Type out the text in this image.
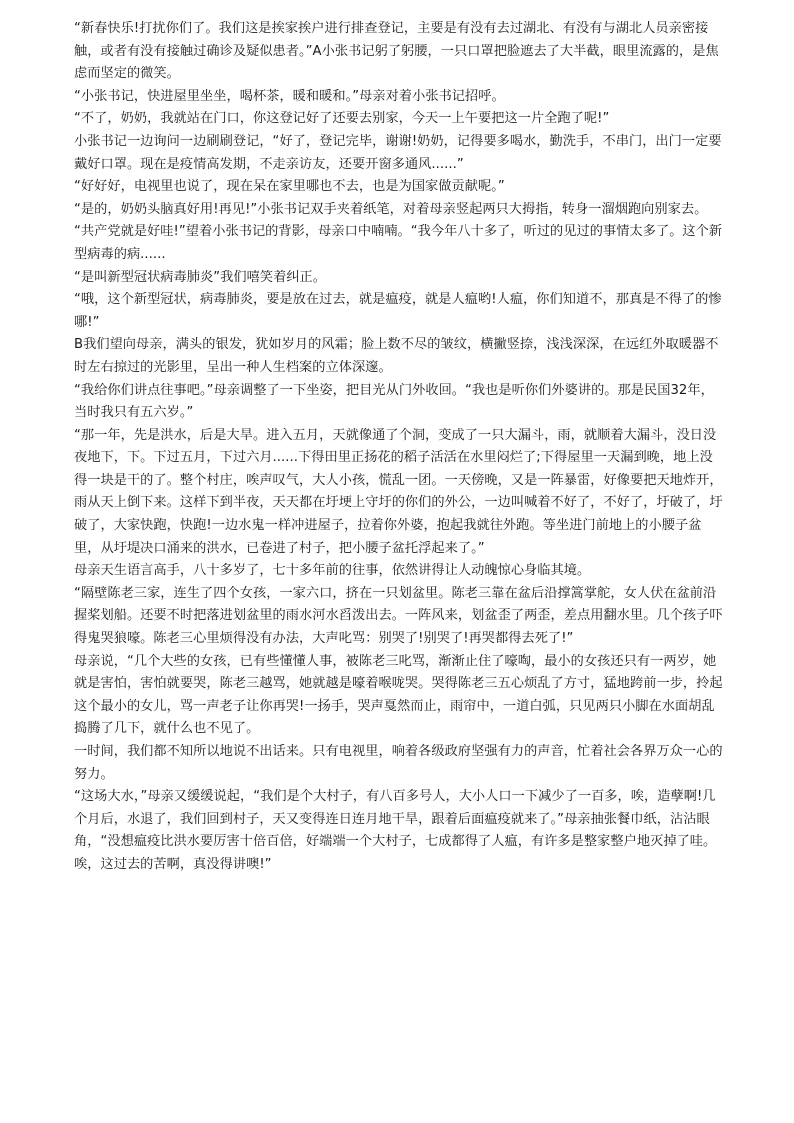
“新春快乐!打扰你们了。我们这是挨家挨户进行排查登记，主要是有没有去过湖北、有没有与湖北人员亲密接触，或者有没有接触过确诊及疑似患者。”A小张书记躬了躬腰，一只口罩把脸遮去了大半截，眼里流露的，是焦虑而坚定的微笑。

“小张书记，快进屋里坐坐，喝杯茶，暖和暖和。”母亲对着小张书记招呼。

“不了，奶奶，我就站在门口，你这登记好了还要去别家，今天一上午要把这一片全跑了呢!”

小张书记一边询问一边刷刷登记，“好了，登记完毕，谢谢!奶奶，记得要多喝水，勤洗手，不串门，出门一定要戴好口罩。现在是疫情高发期，不走亲访友，还要开窗多通风......”

“好好好，电视里也说了，现在呆在家里哪也不去，也是为国家做贡献呢。”

“是的，奶奶头脑真好用!再见!”小张书记双手夹着纸笔，对着母亲竖起两只大拇指，转身一溜烟跑向别家去。

“共产党就是好哇!”望着小张书记的背影，母亲口中喃喃。“我今年八十多了，听过的见过的事情太多了。这个新型病毒的病......

“是叫新型冠状病毒肺炎”我们嘻笑着纠正。

“哦，这个新型冠状，病毒肺炎，要是放在过去，就是瘟疫，就是人瘟哟!人瘟，你们知道不，那真是不得了的惨哪!”

B我们望向母亲，满头的银发，犹如岁月的风霜；脸上数不尽的皱纹，横撇竖捺，浅浅深深，在远红外取暖器不时左右掠过的光影里，呈出一种人生档案的立体深邃。

“我给你们讲点往事吧。”母亲调整了一下坐姿，把目光从门外收回。“我也是听你们外婆讲的。那是民国32年，当时我只有五六岁。”

“那一年，先是洪水，后是大旱。进入五月，天就像通了个洞，变成了一只大漏斗，雨，就顺着大漏斗，没日没夜地下，下。下过五月，下过六月......下得田里正扬花的稻子活活在水里闷烂了;下得屋里一天漏到晚，地上没得一块是干的了。整个村庄，唉声叹气，大人小孩，慌乱一团。一天傍晚，又是一阵暴雷，好像要把天地炸开，雨从天上倒下来。这样下到半夜，天天都在圩埂上守圩的你们的外公，一边叫喊着不好了，不好了，圩破了，圩破了，大家快跑，快跑!一边水鬼一样冲进屋子，拉着你外婆，抱起我就往外跑。等坐进门前地上的小腰子盆里，从圩堤决口涌来的洪水，已卷进了村子，把小腰子盆托浮起来了。”

母亲天生语言高手，八十多岁了，七十多年前的往事，依然讲得让人动魄惊心身临其境。

“隔壁陈老三家，连生了四个女孩，一家六口，挤在一只划盆里。陈老三靠在盆后沿撑篙掌舵，女人伏在盆前沿握桨划船。还要不时把落进划盆里的雨水河水舀泼出去。一阵风来，划盆歪了两歪，差点用翻水里。几个孩子吓得鬼哭狼嚎。陈老三心里烦得没有办法，大声叱骂：别哭了!别哭了!再哭都得去死了!”

母亲说，“几个大些的女孩，已有些懂懂人事，被陈老三叱骂，渐渐止住了嚎啕，最小的女孩还只有一两岁，她就是害怕，害怕就要哭，陈老三越骂，她就越是嚎着喉咙哭。哭得陈老三五心烦乱了方寸，猛地跨前一步，拎起这个最小的女儿，骂一声老子让你再哭!一扬手，哭声戛然而止，雨帘中，一道白弧，只见两只小脚在水面胡乱捣腾了几下，就什么也不见了。

一时间，我们都不知所以地说不出话来。只有电视里，响着各级政府坚强有力的声音，忙着社会各界万众一心的努力。

“这场大水，”母亲又缓缓说起，“我们是个大村子，有八百多号人，大小人口一下减少了一百多，唉，造孽啊!几个月后，水退了，我们回到村子，天又变得连日连月地干旱，跟着后面瘟疫就来了。”母亲抽张餐巾纸，沾沾眼角，“没想瘟疫比洪水要厉害十倍百倍，好端端一个大村子，七成都得了人瘟，有许多是整家整户地灭掉了哇。唉，这过去的苦啊，真没得讲噢!”
